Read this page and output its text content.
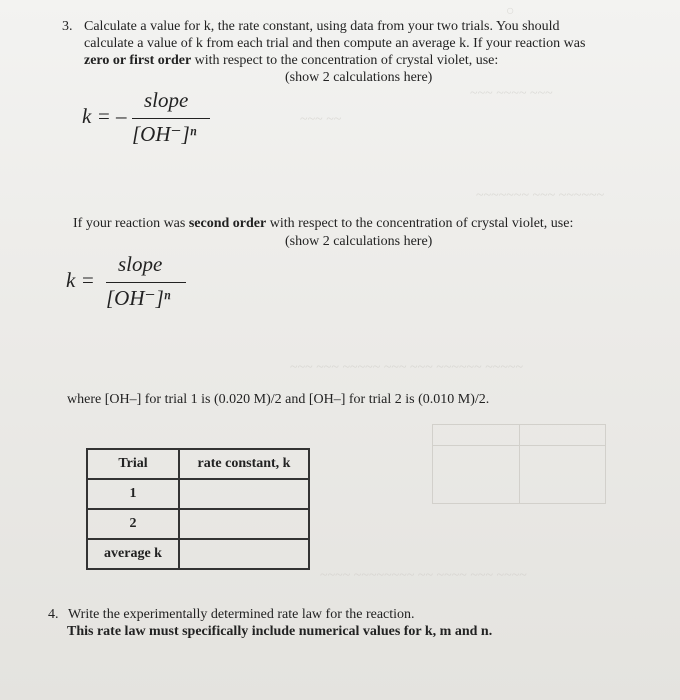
○
~~~ ~~~~ ~~~
~~~ ~~
~~~~~~~ ~~~ ~~~~~~
~~~ ~~~ ~~~~~ ~~~ ~~~ ~~~~~~ ~~~~~
~~~~ ~~~~~~~~ ~~ ~~~~ ~~~ ~~~~
3. Calculate a value for k, the rate constant, using data from your two trials. You should
calculate a value of k from each trial and then compute an average k. If your reaction was
zero or first order with respect to the concentration of crystal violet, use:
(show 2 calculations here)
k = –
slope
[OH⁻]ⁿ
If your reaction was second order with respect to the concentration of crystal violet, use:
(show 2 calculations here)
k =
slope
[OH⁻]ⁿ
where [OH–] for trial 1 is (0.020 M)/2 and [OH–] for trial 2 is (0.010 M)/2.
Trial	rate constant, k
1	
2	
average k	
4. Write the experimentally determined rate law for the reaction.
This rate law must specifically include numerical values for k, m and n.
